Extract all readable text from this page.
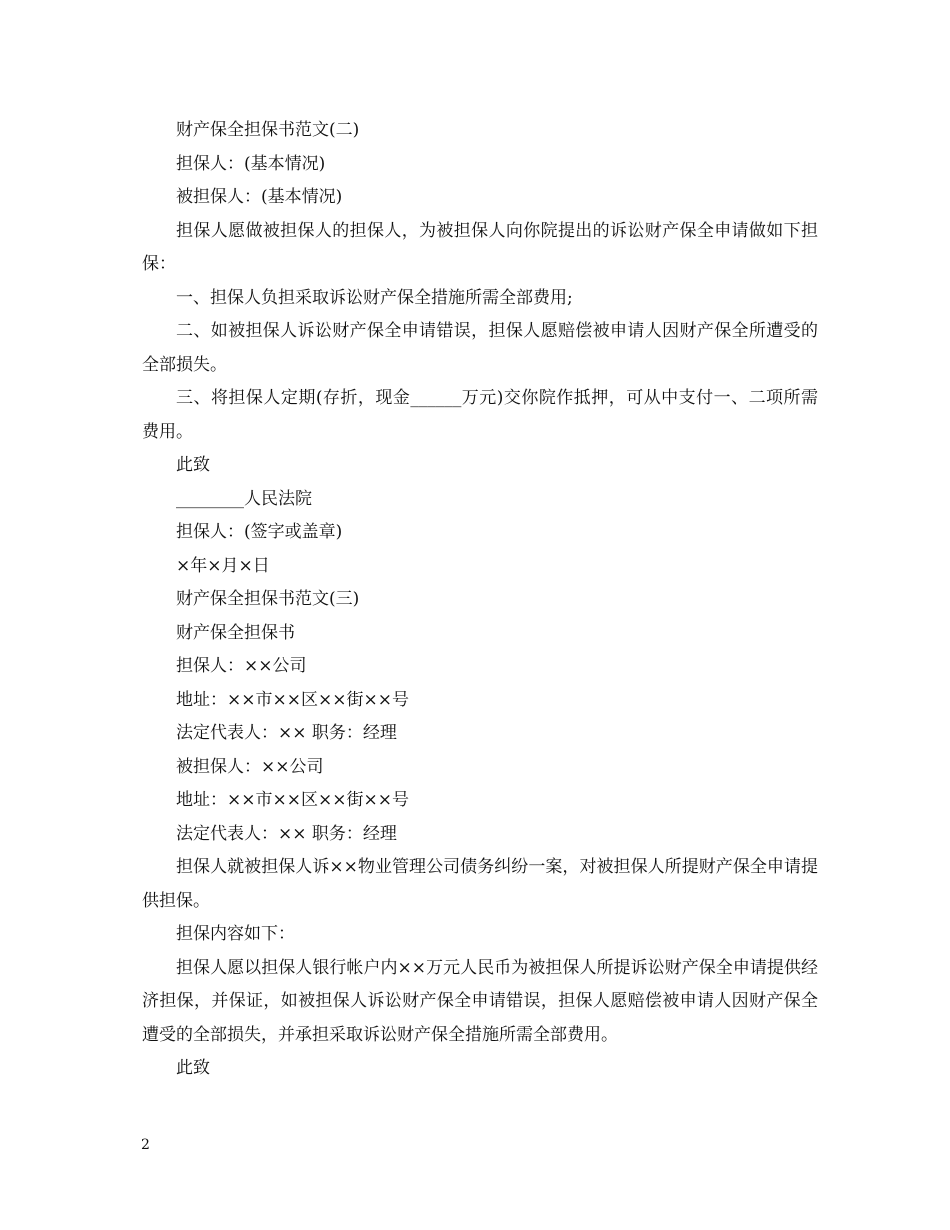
财产保全担保书范文(二)

担保人：(基本情况)

被担保人：(基本情况)

担保人愿做被担保人的担保人，为被担保人向你院提出的诉讼财产保全申请做如下担保：

一、担保人负担采取诉讼财产保全措施所需全部费用;

二、如被担保人诉讼财产保全申请错误，担保人愿赔偿被申请人因财产保全所遭受的全部损失。

三、将担保人定期(存折，现金______万元)交你院作抵押，可从中支付一、二项所需费用。

此致

________人民法院

担保人：(签字或盖章)

×年×月×日

财产保全担保书范文(三)

财产保全担保书

担保人：××公司

地址：××市××区××街××号

法定代表人：×× 职务：经理

被担保人：××公司

地址：××市××区××街××号

法定代表人：×× 职务：经理

担保人就被担保人诉××物业管理公司债务纠纷一案，对被担保人所提财产保全申请提供担保。

担保内容如下：

担保人愿以担保人银行帐户内××万元人民币为被担保人所提诉讼财产保全申请提供经济担保，并保证，如被担保人诉讼财产保全申请错误，担保人愿赔偿被申请人因财产保全遭受的全部损失，并承担采取诉讼财产保全措施所需全部费用。

此致

2
